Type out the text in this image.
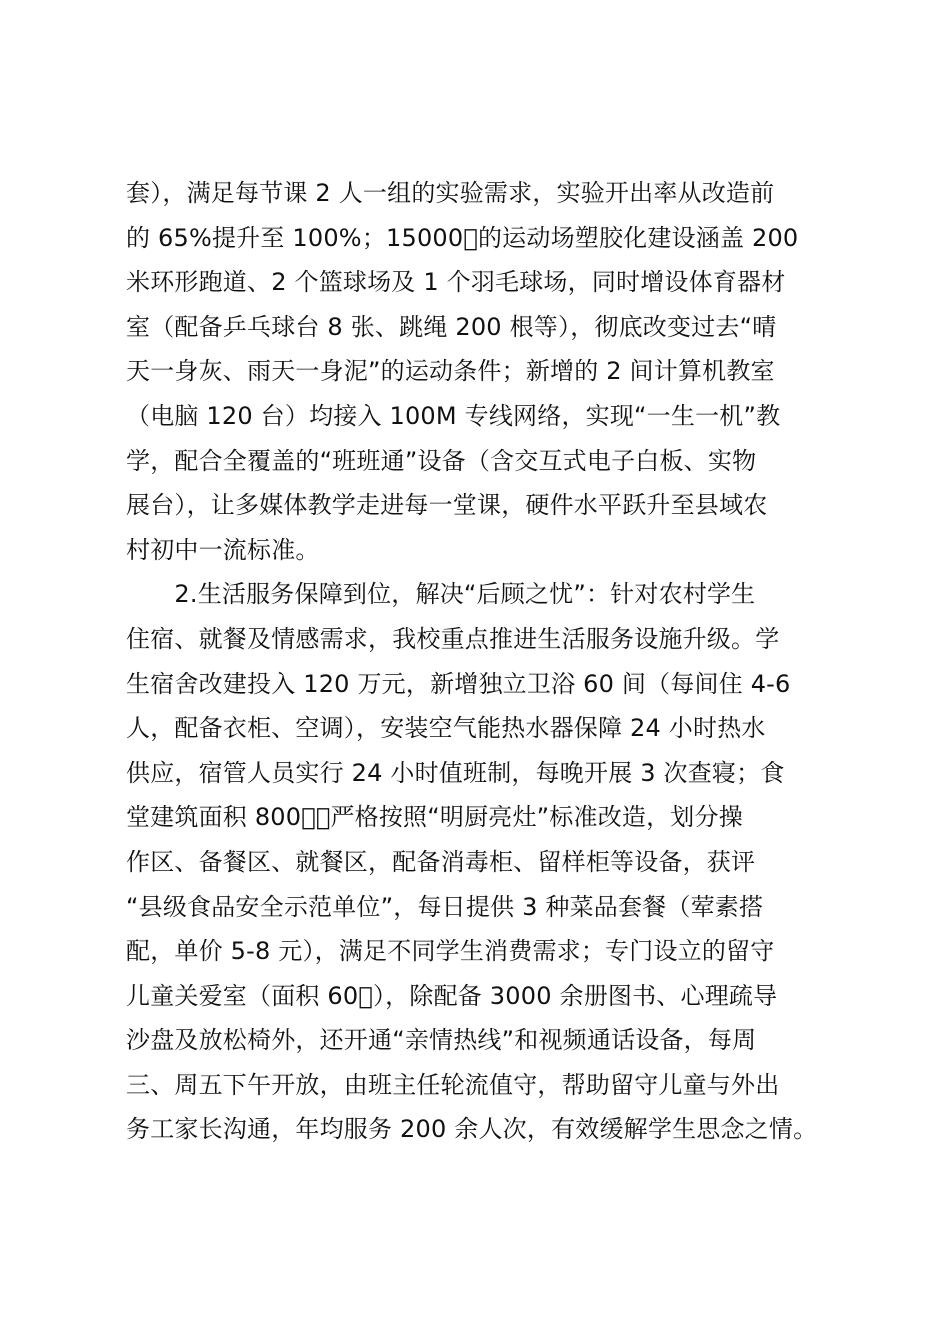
套），满足每节课 2 人一组的实验需求，实验开出率从改造前
的 65%提升至 100%；15000􏰀的运动场塑胶化建设涵盖 200
米环形跑道、2 个篮球场及 1 个羽毛球场，同时增设体育器材
室（配备乒乓球台 8 张、跳绳 200 根等），彻底改变过去“晴
天一身灰、雨天一身泥”的运动条件；新增的 2 间计算机教室
（电脑 120 台）均接入 100M 专线网络，实现“一生一机”教
学，配合全覆盖的“班班通”设备（含交互式电子白板、实物
展台），让多媒体教学走进每一堂课，硬件水平跃升至县域农
村初中一流标准。
　　2.生活服务保障到位，解决“后顾之忧”：针对农村学生
住宿、就餐及情感需求，我校重点推进生活服务设施升级。学
生宿舍改建投入 120 万元，新增独立卫浴 60 间（每间住 4-6
人，配备衣柜、空调），安装空气能热水器保障 24 小时热水
供应，宿管人员实行 24 小时值班制，每晚开展 3 次查寝；食
堂建筑面积 800􏰀，严格按照“明厨亮灶”标准改造，划分操
作区、备餐区、就餐区，配备消毒柜、留样柜等设备，获评
“县级食品安全示范单位”，每日提供 3 种菜品套餐（荤素搭
配，单价 5-8 元），满足不同学生消费需求；专门设立的留守
儿童关爱室（面积 60􏰀），除配备 3000 余册图书、心理疏导
沙盘及放松椅外，还开通“亲情热线”和视频通话设备，每周
三、周五下午开放，由班主任轮流值守，帮助留守儿童与外出
务工家长沟通，年均服务 200 余人次，有效缓解学生思念之情。
